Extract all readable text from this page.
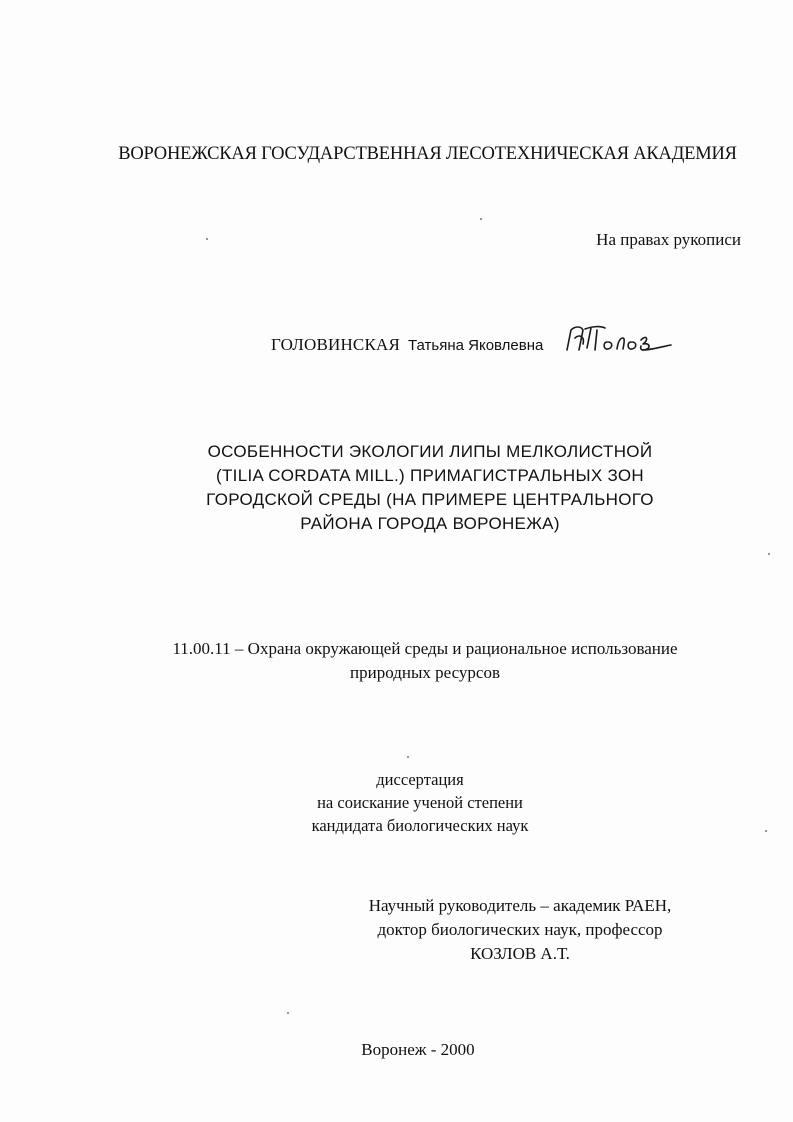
ВОРОНЕЖСКАЯ ГОСУДАРСТВЕННАЯ ЛЕСОТЕХНИЧЕСКАЯ АКАДЕМИЯ

На правах рукописи

ГОЛОВИНСКАЯ Татьяна Яковлевна
ОСОБЕННОСТИ ЭКОЛОГИИ ЛИПЫ МЕЛКОЛИСТНОЙ
(TILIA CORDATA MILL.) ПРИМАГИСТРАЛЬНЫХ ЗОН
ГОРОДСКОЙ СРЕДЫ (НА ПРИМЕРЕ ЦЕНТРАЛЬНОГО
РАЙОНА ГОРОДА ВОРОНЕЖА)
11.00.11 – Охрана окружающей среды и рациональное использование
природных ресурсов
диссертация
на соискание ученой степени
кандидата биологических наук
Научный руководитель – академик РАЕН,
доктор биологических наук, профессор
КОЗЛОВ А.Т.

Воронеж - 2000
